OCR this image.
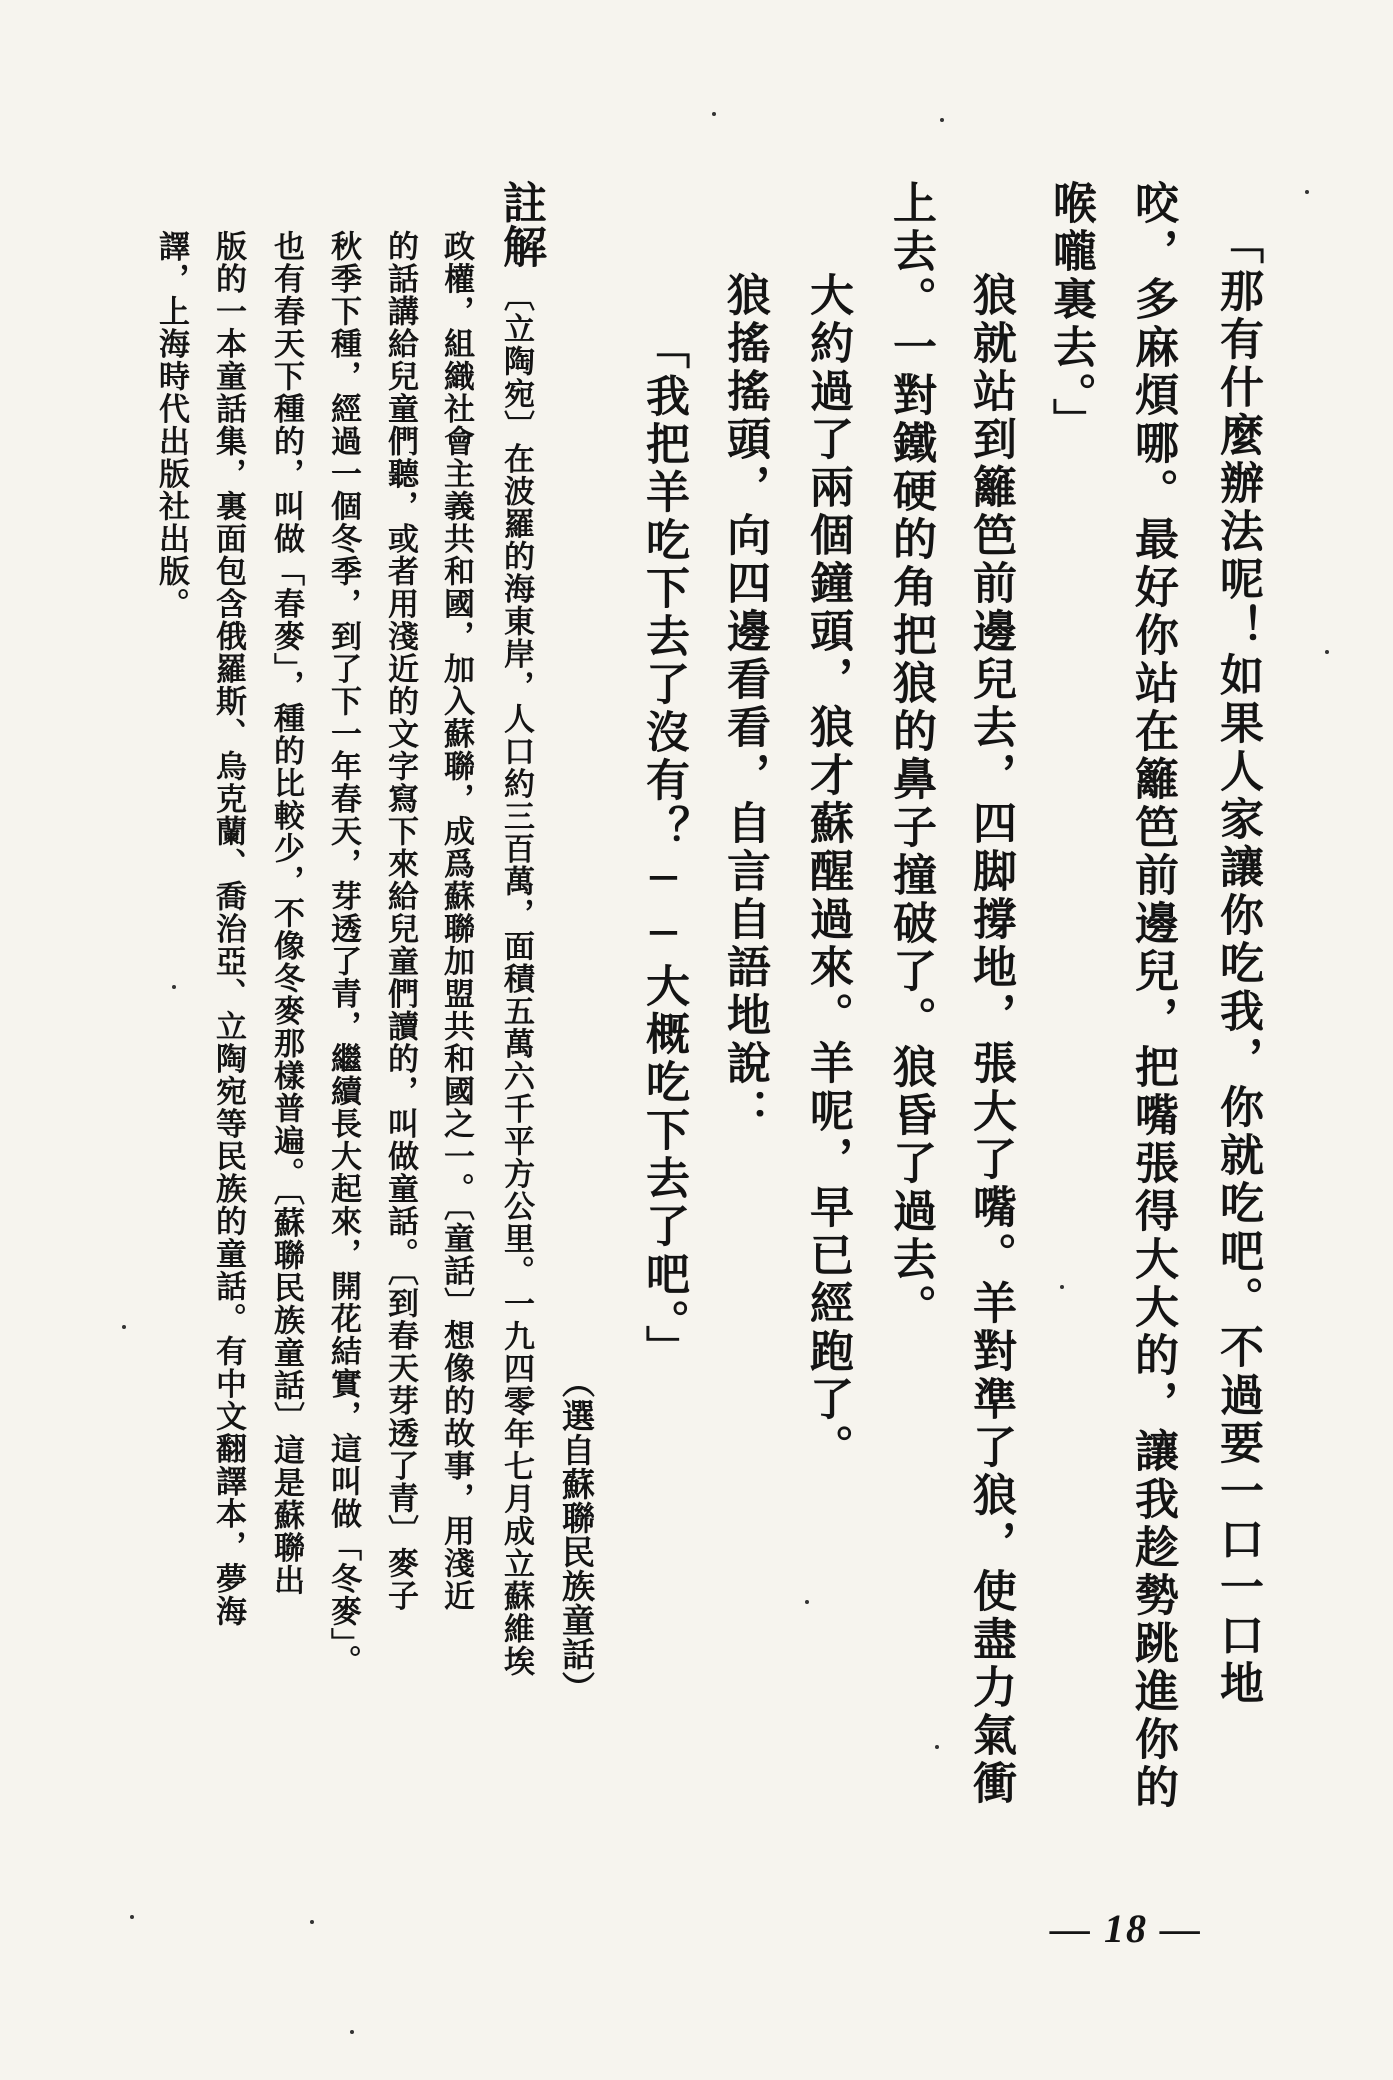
「那有什麼辦法呢！如果人家讓你吃我，你就吃吧。不過要一口一口地

咬，多麻煩哪。最好你站在籬笆前邊兒，把嘴張得大大的，讓我趁勢跳進你的

喉嚨裏去。」

狼就站到籬笆前邊兒去，四脚撐地，張大了嘴。羊對準了狼，使盡力氣衝

上去。一對鐵硬的角把狼的鼻子撞破了。狼昏了過去。

大約過了兩個鐘頭，狼才蘇醒過來。羊呢，早已經跑了。

狼搖搖頭，向四邊看看，自言自語地說：

「我把羊吃下去了沒有？──大概吃下去了吧。」

（選自蘇聯民族童話）

註解

〔立陶宛〕在波羅的海東岸，人口約三百萬，面積五萬六千平方公里。一九四零年七月成立蘇維埃

政權，組織社會主義共和國，加入蘇聯，成爲蘇聯加盟共和國之一。〔童話〕想像的故事，用淺近

的話講給兒童們聽，或者用淺近的文字寫下來給兒童們讀的，叫做童話。〔到春天芽透了青〕麥子

秋季下種，經過一個冬季，到了下一年春天，芽透了青，繼續長大起來，開花結實，這叫做「冬麥」。

也有春天下種的，叫做「春麥」，種的比較少，不像冬麥那樣普遍。〔蘇聯民族童話〕這是蘇聯出

版的一本童話集，裏面包含俄羅斯、烏克蘭、喬治亞、立陶宛等民族的童話。有中文翻譯本，夢海

譯，上海時代出版社出版。

— 18 —
